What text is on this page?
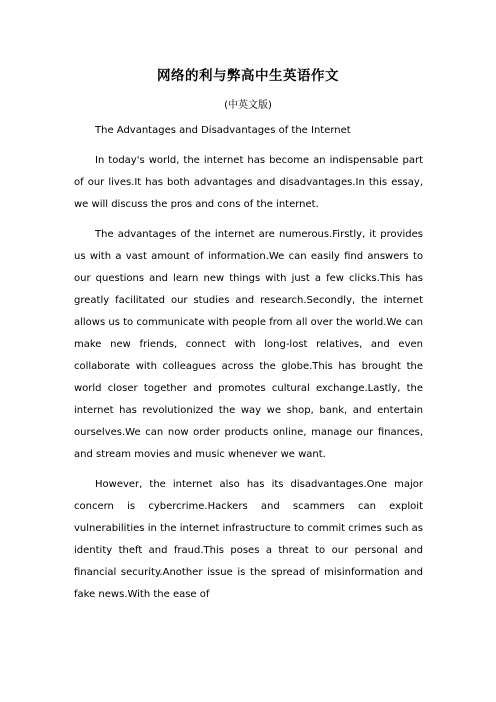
网络的利与弊高中生英语作文
(中英文版)

The Advantages and Disadvantages of the Internet

In today's world, the internet has become an indispensable part of our lives.It has both advantages and disadvantages.In this essay, we will discuss the pros and cons of the internet.

The advantages of the internet are numerous.Firstly, it provides us with a vast amount of information.We can easily find answers to our questions and learn new things with just a few clicks.This has greatly facilitated our studies and research.Secondly, the internet allows us to communicate with people from all over the world.We can make new friends, connect with long-lost relatives, and even collaborate with colleagues across the globe.This has brought the world closer together and promotes cultural exchange.Lastly, the internet has revolutionized the way we shop, bank, and entertain ourselves.We can now order products online, manage our finances, and stream movies and music whenever we want.

However, the internet also has its disadvantages.One major concern is cybercrime.Hackers and scammers can exploit vulnerabilities in the internet infrastructure to commit crimes such as identity theft and fraud.This poses a threat to our personal and financial security.Another issue is the spread of misinformation and fake news.With the ease of
